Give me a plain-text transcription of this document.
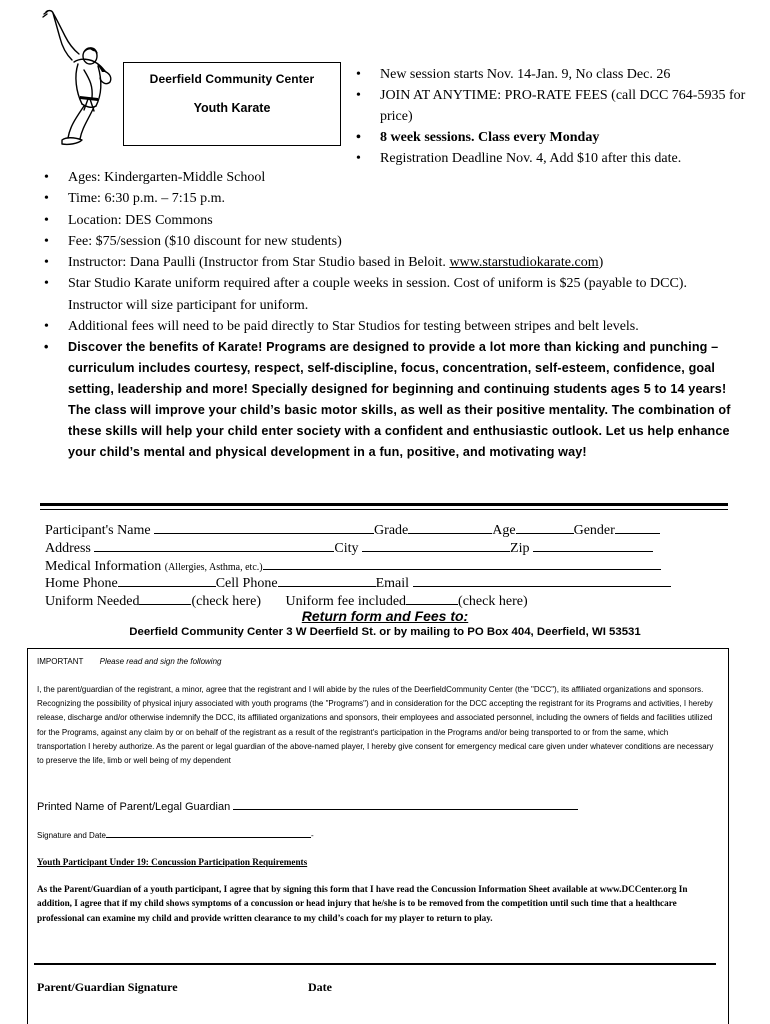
Deerfield Community Center
Youth Karate
• New session starts Nov. 14-Jan. 9, No class Dec. 26
• JOIN AT ANYTIME: PRO-RATE FEES (call DCC 764-5935 for price)
• 8 week sessions. Class every Monday
• Registration Deadline Nov. 4, Add $10 after this date.
• Ages: Kindergarten-Middle School
• Time: 6:30 p.m. – 7:15 p.m.
• Location: DES Commons
• Fee: $75/session ($10 discount for new students)
• Instructor: Dana Paulli (Instructor from Star Studio based in Beloit. www.starstudiokarate.com)
• Star Studio Karate uniform required after a couple weeks in session. Cost of uniform is $25 (payable to DCC). Instructor will size participant for uniform.
• Additional fees will need to be paid directly to Star Studios for testing between stripes and belt levels.
• Discover the benefits of Karate! Programs are designed to provide a lot more than kicking and punching – curriculum includes courtesy, respect, self-discipline, focus, concentration, self-esteem, confidence, goal setting, leadership and more! Specially designed for beginning and continuing students ages 5 to 14 years! The class will improve your child’s basic motor skills, as well as their positive mentality. The combination of these skills will help your child enter society with a confident and enthusiastic outlook. Let us help enhance your child’s mental and physical development in a fun, positive, and motivating way!
Participant's Name	Grade	Age	Gender
Address	City	Zip
Medical Information (Allergies, Asthma, etc.)
Home Phone	Cell Phone	Email
Uniform Needed	(check here) Uniform fee included	(check here)
Return form and Fees to:
Deerfield Community Center 3 W Deerfield St. or by mailing to PO Box 404, Deerfield, WI 53531
IMPORTANT Please read and sign the following
I, the parent/guardian of the registrant, a minor, agree that the registrant and I will abide by the rules of the DeerfieldCommunity Center (the "DCC"), its affiliated organizations and sponsors. Recognizing the possibility of physical injury associated with youth programs (the "Programs") and in consideration for the DCC accepting the registrant for its Programs and activities, I hereby release, discharge and/or otherwise indemnify the DCC, its affiliated organizations and sponsors, their employees and associated personnel, including the owners of fields and facilities utilized for the Programs, against any claim by or on behalf of the registrant as a result of the registrant's participation in the Programs and/or being transported to or from the same, which transportation I hereby authorize. As the parent or legal guardian of the above-named player, I hereby give consent for emergency medical care given under whatever conditions are necessary to preserve the life, limb or well being of my dependent
Printed Name of Parent/Legal Guardian
Signature and Date	-
Youth Participant Under 19: Concussion Participation Requirements
As the Parent/Guardian of a youth participant, I agree that by signing this form that I have read the Concussion Information Sheet available at www.DCCenter.org In addition, I agree that if my child shows symptoms of a concussion or head injury that he/she is to be removed from the competition until such time that a healthcare professional can examine my child and provide written clearance to my child’s coach for my player to return to play.
Parent/Guardian Signature	Date
